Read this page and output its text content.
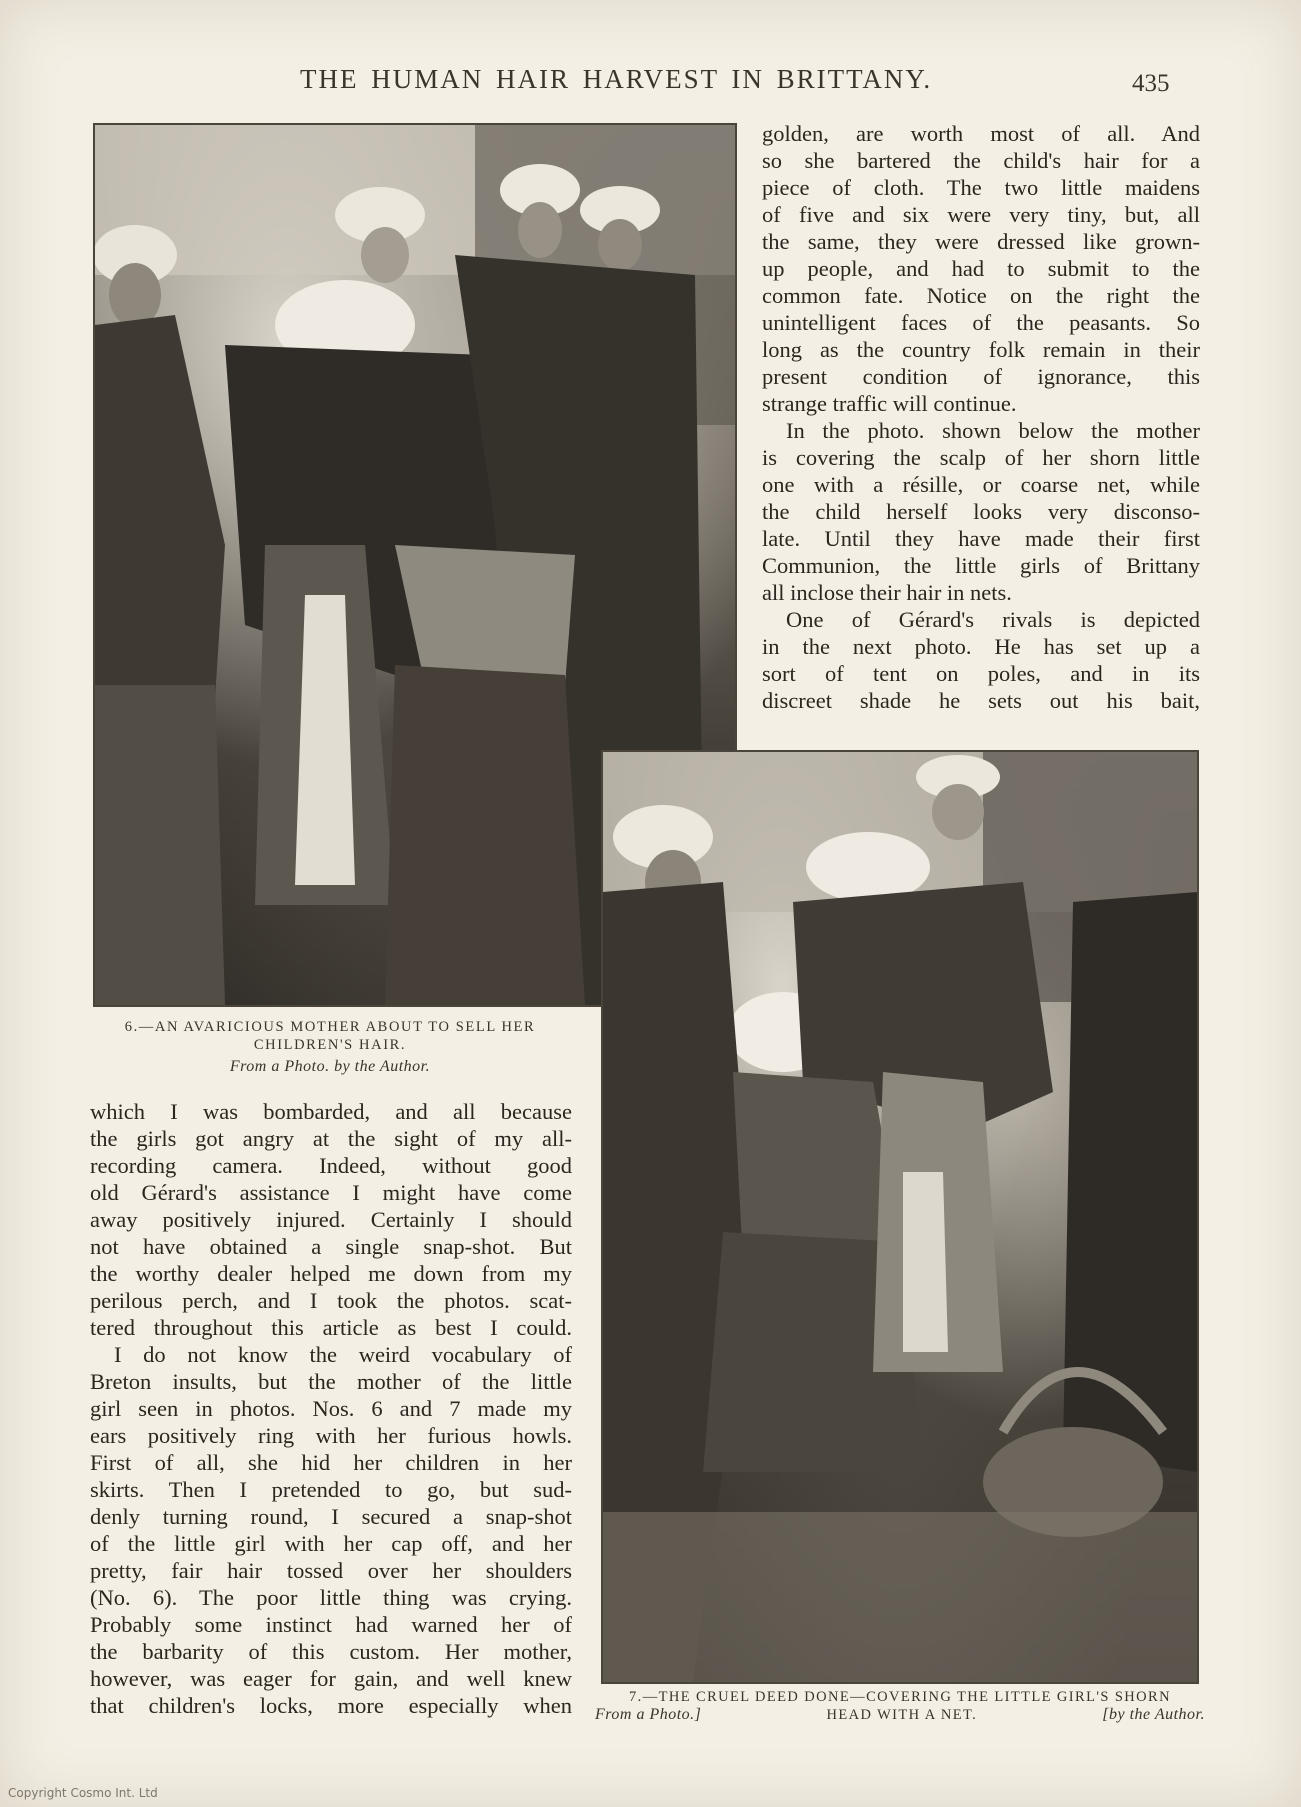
THE HUMAN HAIR HARVEST IN BRITTANY.	435
6.—AN AVARICIOUS MOTHER ABOUT TO SELL HER
CHILDREN'S HAIR.
From a Photo. by the Author.
golden, are worth most of all. And
so she bartered the child's hair for a
piece of cloth. The two little maidens
of five and six were very tiny, but, all
the same, they were dressed like grown-
up people, and had to submit to the
common fate. Notice on the right the
unintelligent faces of the peasants. So
long as the country folk remain in their
present condition of ignorance, this
strange traffic will continue.
In the photo. shown below the mother
is covering the scalp of her shorn little
one with a résille, or coarse net, while
the child herself looks very disconso-
late. Until they have made their first
Communion, the little girls of Brittany
all inclose their hair in nets.
One of Gérard's rivals is depicted
in the next photo. He has set up a
sort of tent on poles, and in its
discreet shade he sets out his bait,
7.—THE CRUEL DEED DONE—COVERING THE LITTLE GIRL'S SHORN
From a Photo.]	HEAD WITH A NET.	[by the Author.
which I was bombarded, and all because
the girls got angry at the sight of my all-
recording camera. Indeed, without good
old Gérard's assistance I might have come
away positively injured. Certainly I should
not have obtained a single snap-shot. But
the worthy dealer helped me down from my
perilous perch, and I took the photos. scat-
tered throughout this article as best I could.
I do not know the weird vocabulary of
Breton insults, but the mother of the little
girl seen in photos. Nos. 6 and 7 made my
ears positively ring with her furious howls.
First of all, she hid her children in her
skirts. Then I pretended to go, but sud-
denly turning round, I secured a snap-shot
of the little girl with her cap off, and her
pretty, fair hair tossed over her shoulders
(No. 6). The poor little thing was crying.
Probably some instinct had warned her of
the barbarity of this custom. Her mother,
however, was eager for gain, and well knew
that children's locks, more especially when
Copyright Cosmo Int. Ltd
